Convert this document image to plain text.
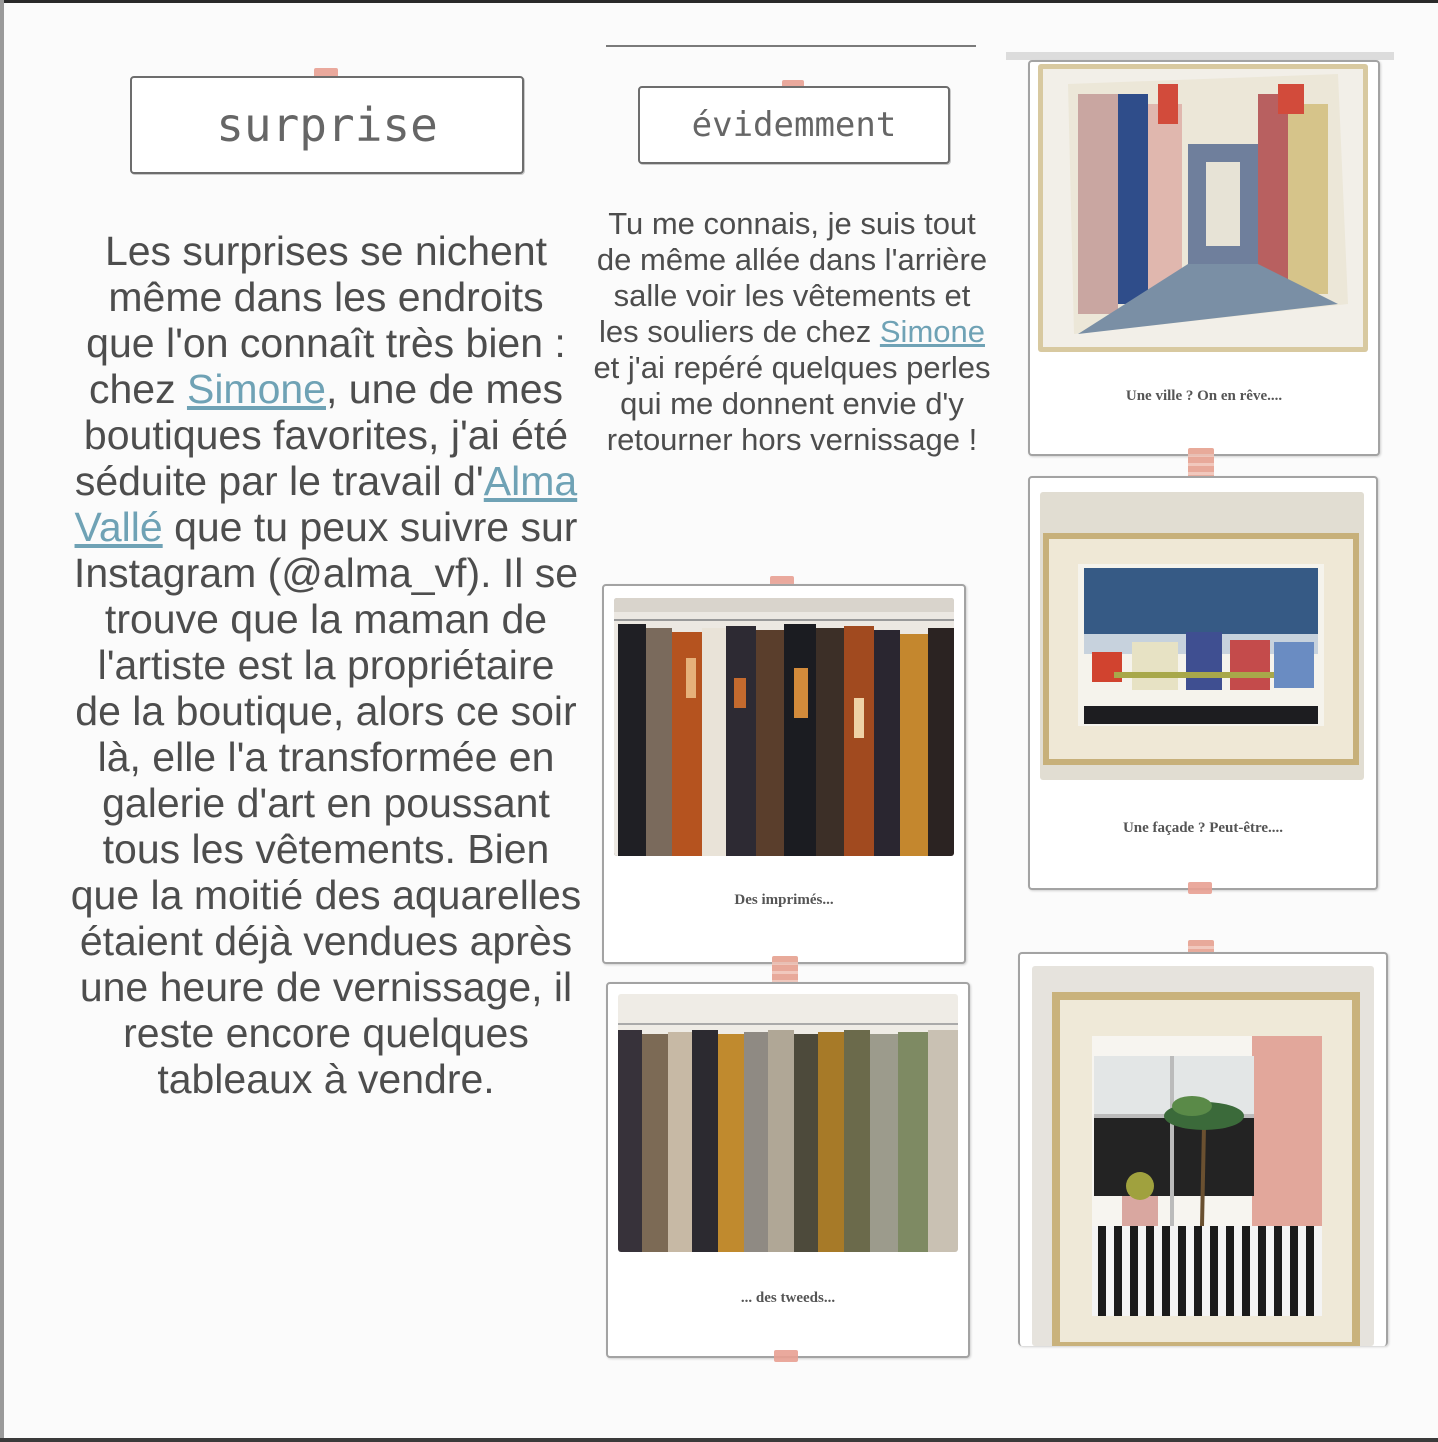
surprise
Les surprises se nichent même dans les endroits que l'on connaît très bien : chez Simone, une de mes boutiques favorites, j'ai été séduite par le travail d'Alma Vallé que tu peux suivre sur Instagram (@alma_vf). Il se trouve que la maman de l'artiste est la propriétaire de la boutique, alors ce soir là, elle l'a transformée en galerie d'art en poussant tous les vêtements. Bien que la moitié des aquarelles étaient déjà vendues après une heure de vernissage, il reste encore quelques tableaux à vendre.
évidemment
Tu me connais, je suis tout de même allée dans l'arrière salle voir les vêtements et les souliers de chez Simone et j'ai repéré quelques perles qui me donnent envie d'y retourner hors vernissage !
Des imprimés...
... des tweeds...
Une ville ? On en rêve....
Une façade ? Peut-être....
